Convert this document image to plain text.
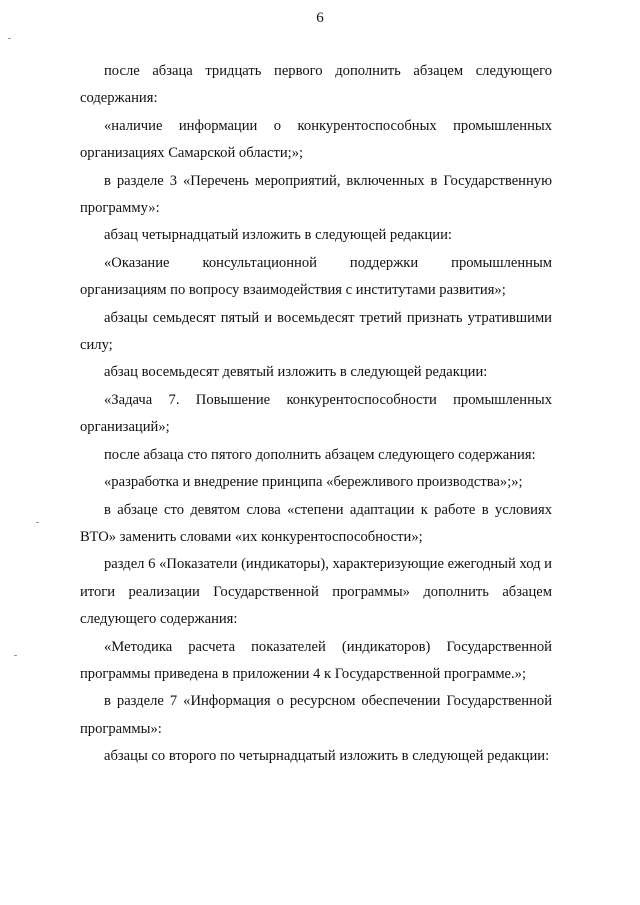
6

после абзаца тридцать первого дополнить абзацем следующего содержания:

«наличие информации о конкурентоспособных промышленных организациях Самарской области;»;

в разделе 3 «Перечень мероприятий, включенных в Государственную программу»:

абзац четырнадцатый изложить в следующей редакции:

«Оказание консультационной поддержки промышленным организациям по вопросу взаимодействия с институтами развития»;

абзацы семьдесят пятый и восемьдесят третий признать утратившими силу;

абзац восемьдесят девятый изложить в следующей редакции:

«Задача 7. Повышение конкурентоспособности промышленных организаций»;

после абзаца сто пятого дополнить абзацем следующего содержания:

«разработка и внедрение принципа «бережливого производства»;»;

в абзаце сто девятом слова «степени адаптации к работе в условиях ВТО» заменить словами «их конкурентоспособности»;

раздел 6 «Показатели (индикаторы), характеризующие ежегодный ход и итоги реализации Государственной программы» дополнить абзацем следующего содержания:

«Методика расчета показателей (индикаторов) Государственной программы приведена в приложении 4 к Государственной программе.»;

в разделе 7 «Информация о ресурсном обеспечении Государственной программы»:

абзацы со второго по четырнадцатый изложить в следующей редакции:
